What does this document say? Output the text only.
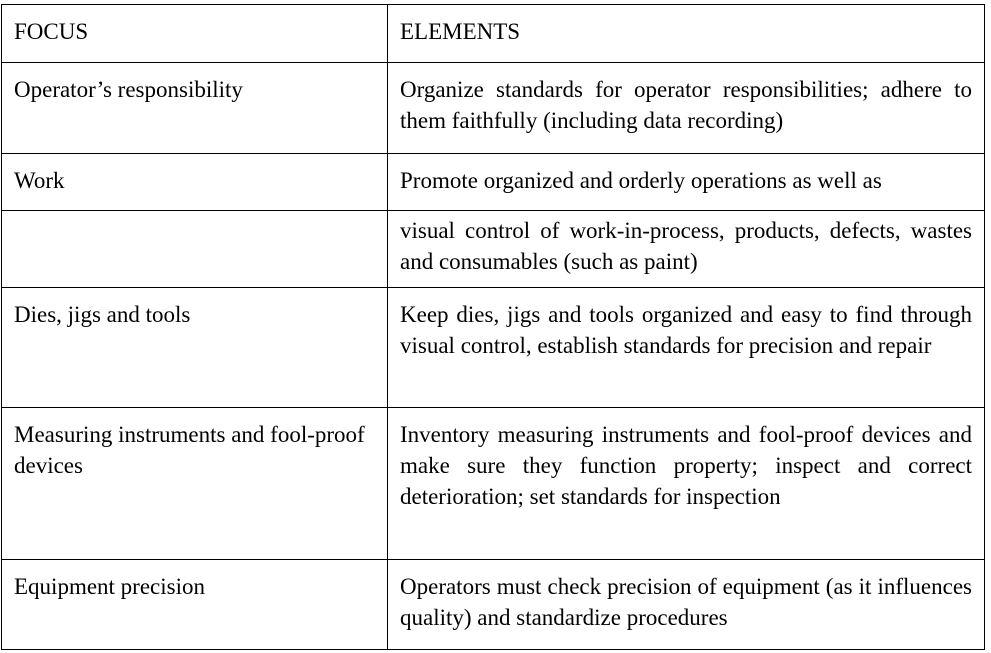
FOCUS	ELEMENTS
Operator’s responsibility	Organize standards for operator responsibilities; adhere to them faithfully (including data recording)
Work	Promote organized and orderly operations as well as
	visual control of work-in-process, products, defects, wastes and consumables (such as paint)
Dies, jigs and tools	Keep dies, jigs and tools organized and easy to find through visual control, establish standards for precision and repair
Measuring instruments and fool-proof devices	Inventory measuring instruments and fool-proof devices and make sure they function property; inspect and correct deterioration; set standards for inspection
Equipment precision	Operators must check precision of equipment (as it influences quality) and standardize procedures
